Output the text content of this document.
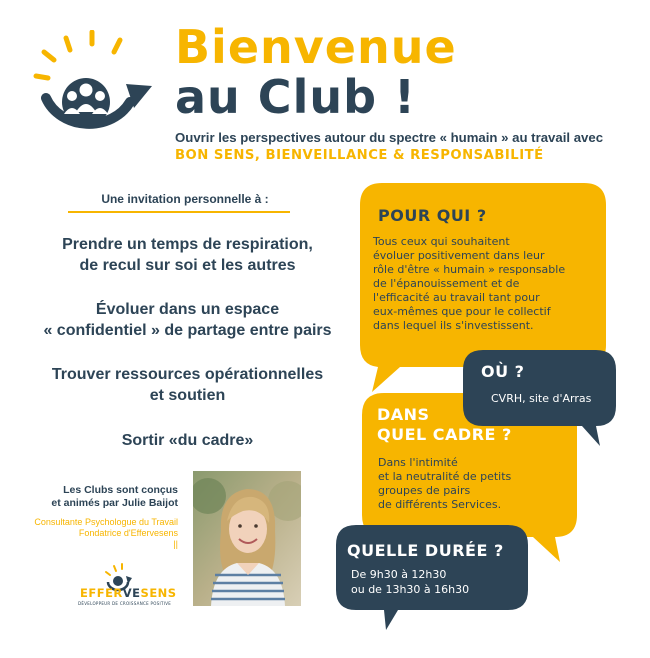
Bienvenue
au Club !
Ouvrir les perspectives autour du spectre « humain » au travail avec
BON SENS, BIENVEILLANCE & RESPONSABILITÉ
Une invitation personnelle à :
Prendre un temps de respiration,
de recul sur soi et les autres
Évoluer dans un espace
« confidentiel » de partage entre pairs
Trouver ressources opérationnelles
et soutien
Sortir «du cadre»
POUR QUI ?
Tous ceux qui souhaitent
évoluer positivement dans leur
rôle d'être « humain » responsable
de l'épanouissement et de
l'efficacité au travail tant pour
eux-mêmes que pour le collectif
dans lequel ils s'investissent.
OÙ ?
CVRH, site d'Arras
DANS
QUEL CADRE ?
Dans l'intimité
et la neutralité de petits
groupes de pairs
de différents Services.
QUELLE DURÉE ?
De 9h30 à 12h30
ou de 13h30 à 16h30
Les Clubs sont conçus
et animés par Julie Baijot
Consultante Psychologue du Travail
Fondatrice d'Effervesens
||
EFFERVESENS
DÉVELOPPEUR DE CROISSANCE POSITIVE
